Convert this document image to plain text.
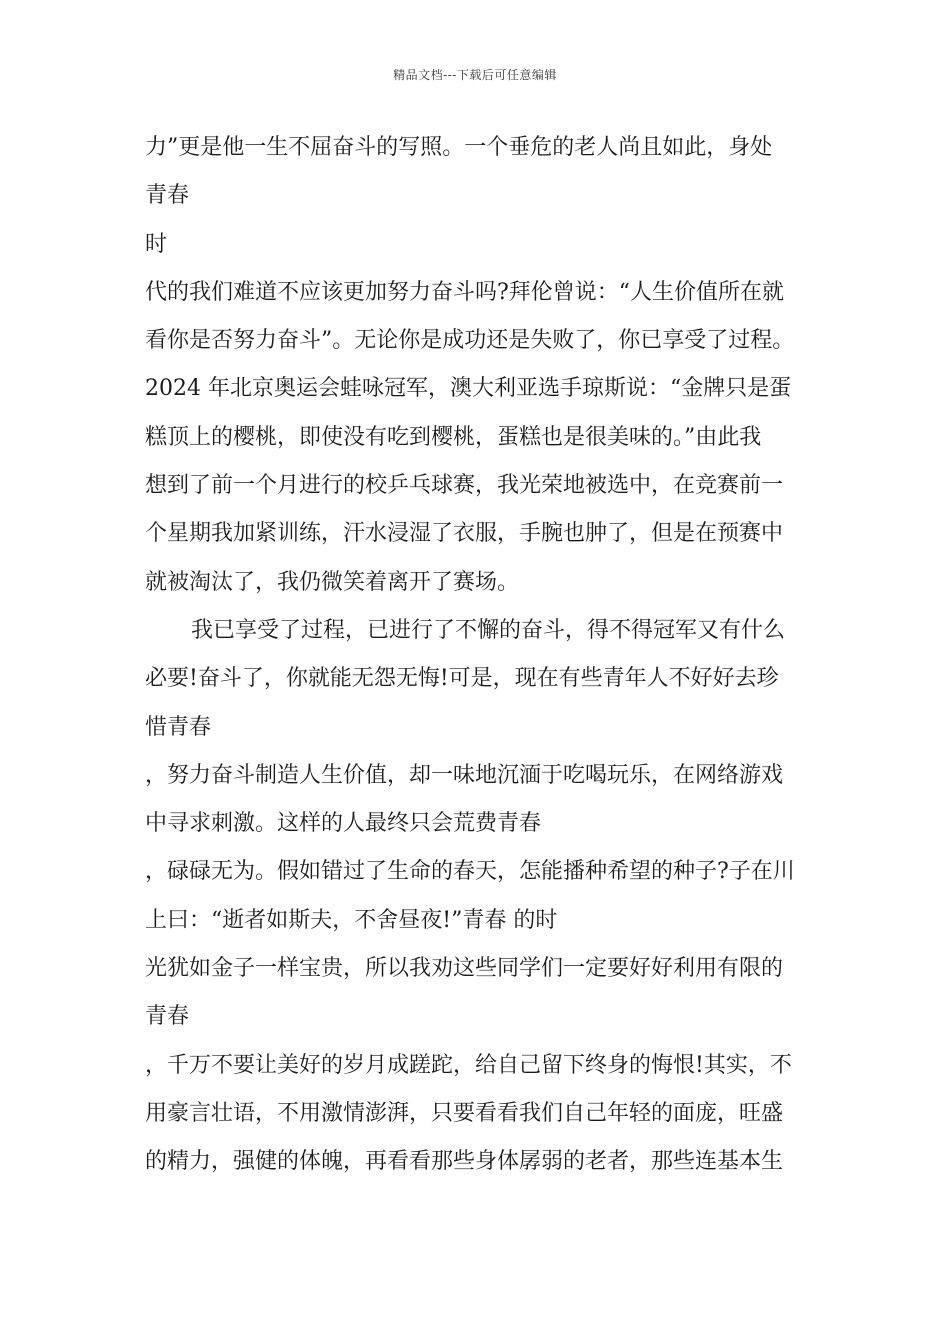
精品文档---下载后可任意编辑
力”更是他一生不屈奋斗的写照。一个垂危的老人尚且如此，身处
青春
时
代的我们难道不应该更加努力奋斗吗?拜伦曾说：“人生价值所在就
看你是否努力奋斗”。无论你是成功还是失败了，你已享受了过程。
2024 年北京奥运会蛙咏冠军，澳大利亚选手琼斯说：“金牌只是蛋
糕顶上的樱桃，即使没有吃到樱桃，蛋糕也是很美味的。”由此我
想到了前一个月进行的校乒乓球赛，我光荣地被选中，在竞赛前一
个星期我加紧训练，汗水浸湿了衣服，手腕也肿了，但是在预赛中
就被淘汰了，我仍微笑着离开了赛场。
我已享受了过程，已进行了不懈的奋斗，得不得冠军又有什么
必要!奋斗了，你就能无怨无悔!可是，现在有些青年人不好好去珍
惜青春
，努力奋斗制造人生价值，却一味地沉湎于吃喝玩乐，在网络游戏
中寻求刺激。这样的人最终只会荒费青春
，碌碌无为。假如错过了生命的春天，怎能播种希望的种子?子在川
上曰：“逝者如斯夫，不舍昼夜!”青春 的时
光犹如金子一样宝贵，所以我劝这些同学们一定要好好利用有限的
青春
，千万不要让美好的岁月成蹉跎，给自己留下终身的悔恨!其实，不
用豪言壮语，不用激情澎湃，只要看看我们自己年轻的面庞，旺盛
的精力，强健的体魄，再看看那些身体孱弱的老者，那些连基本生
